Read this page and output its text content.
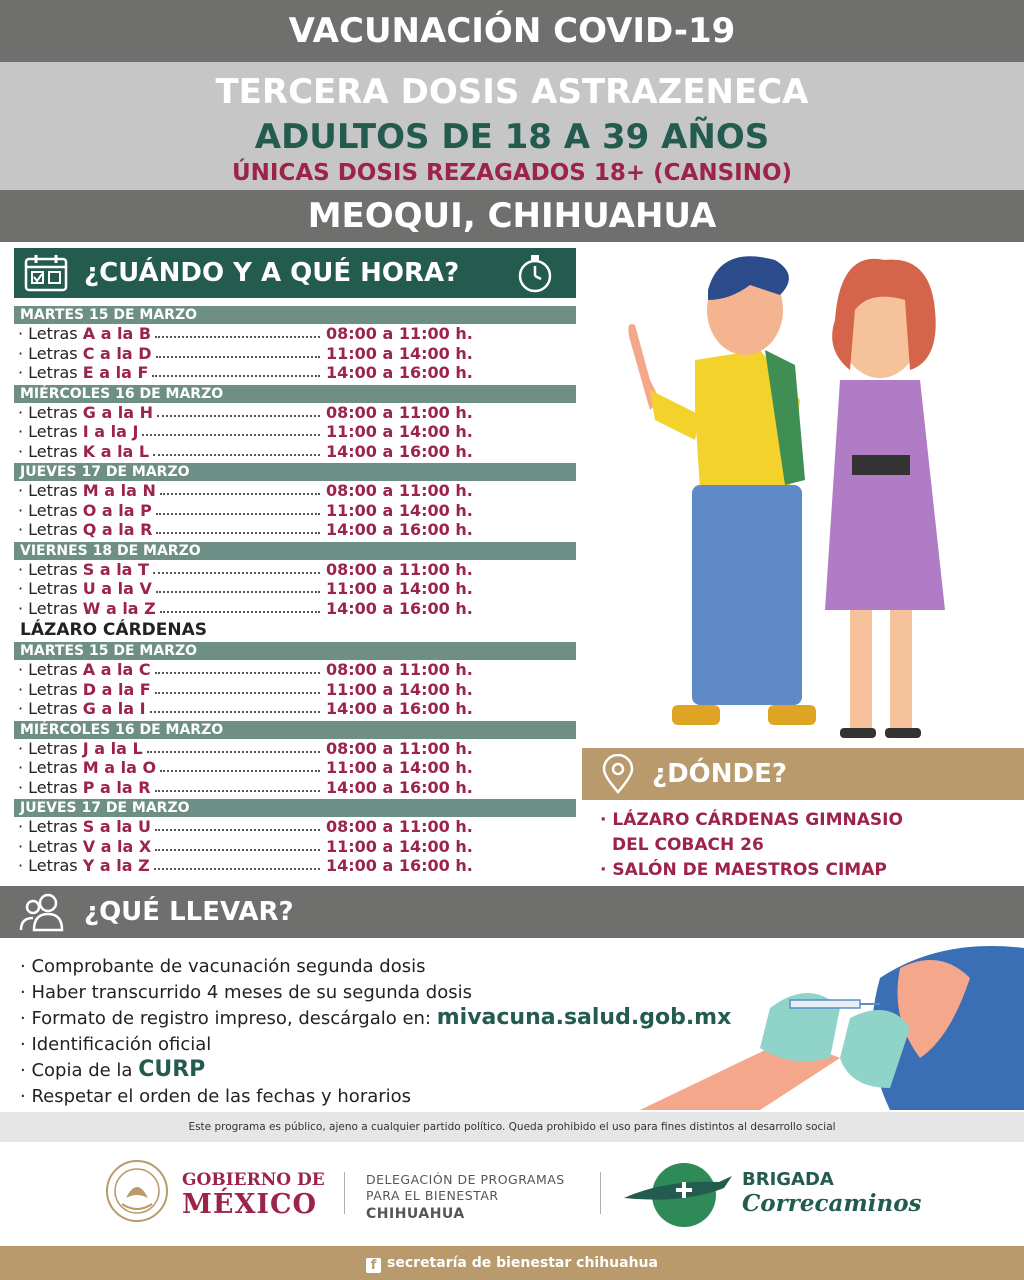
VACUNACIÓN COVID-19
TERCERA DOSIS ASTRAZENECA
ADULTOS DE 18 A 39 AÑOS
ÚNICAS DOSIS REZAGADOS 18+ (CANSINO)
MEOQUI, CHIHUAHUA
¿CUÁNDO Y A QUÉ HORA?
MARTES 15 DE MARZO
· Letras A a la B	08:00 a 11:00 h.
· Letras C a la D	11:00 a 14:00 h.
· Letras E a la F	14:00 a 16:00 h.
MIÉRCOLES 16 DE MARZO
· Letras G a la H	08:00 a 11:00 h.
· Letras I a la J	11:00 a 14:00 h.
· Letras K a la L	14:00 a 16:00 h.
JUEVES 17 DE MARZO
· Letras M a la N	08:00 a 11:00 h.
· Letras O a la P	11:00 a 14:00 h.
· Letras Q a la R	14:00 a 16:00 h.
VIERNES 18 DE MARZO
· Letras S a la T	08:00 a 11:00 h.
· Letras U a la V	11:00 a 14:00 h.
· Letras W a la Z	14:00 a 16:00 h.
LÁZARO CÁRDENAS
MARTES 15 DE MARZO
· Letras A a la C	08:00 a 11:00 h.
· Letras D a la F	11:00 a 14:00 h.
· Letras G a la I	14:00 a 16:00 h.
MIÉRCOLES 16 DE MARZO
· Letras J a la L	08:00 a 11:00 h.
· Letras M a la O	11:00 a 14:00 h.
· Letras P a la R	14:00 a 16:00 h.
JUEVES 17 DE MARZO
· Letras S a la U	08:00 a 11:00 h.
· Letras V a la X	11:00 a 14:00 h.
· Letras Y a la Z	14:00 a 16:00 h.
¿DÓNDE?
· LÁZARO CÁRDENAS GIMNASIO
DEL COBACH 26
· SALÓN DE MAESTROS CIMAP
¿QUÉ LLEVAR?
· Comprobante de vacunación segunda dosis
· Haber transcurrido 4 meses de su segunda dosis
· Formato de registro impreso, descárgalo en: mivacuna.salud.gob.mx
· Identificación oficial
· Copia de la CURP
· Respetar el orden de las fechas y horarios
Este programa es público, ajeno a cualquier partido político. Queda prohibido el uso para fines distintos al desarrollo social
GOBIERNO DE
MÉXICO
DELEGACIÓN DE PROGRAMAS
PARA EL BIENESTAR
CHIHUAHUA
BRIGADA
Correcaminos
f secretaría de bienestar chihuahua
